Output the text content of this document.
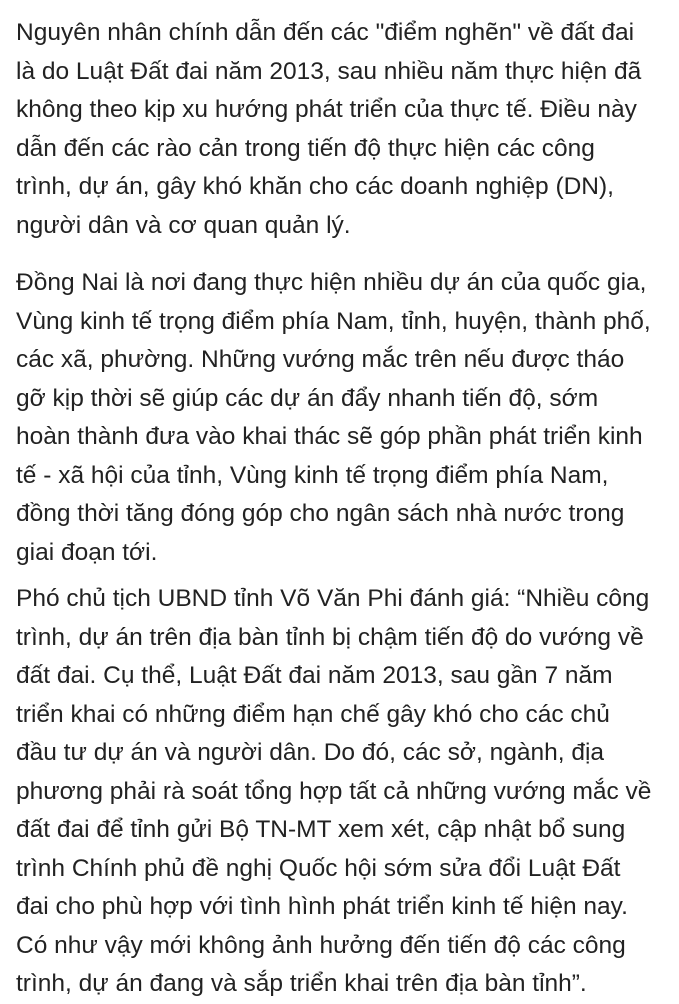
Nguyên nhân chính dẫn đến các "điểm nghẽn" về đất đai
là do Luật Đất đai năm 2013, sau nhiều năm thực hiện đã
không theo kịp xu hướng phát triển của thực tế. Điều này
dẫn đến các rào cản trong tiến độ thực hiện các công
trình, dự án, gây khó khăn cho các doanh nghiệp (DN),
người dân và cơ quan quản lý.

Đồng Nai là nơi đang thực hiện nhiều dự án của quốc gia,
Vùng kinh tế trọng điểm phía Nam, tỉnh, huyện, thành phố,
các xã, phường. Những vướng mắc trên nếu được tháo
gỡ kịp thời sẽ giúp các dự án đẩy nhanh tiến độ, sớm
hoàn thành đưa vào khai thác sẽ góp phần phát triển kinh
tế - xã hội của tỉnh, Vùng kinh tế trọng điểm phía Nam,
đồng thời tăng đóng góp cho ngân sách nhà nước trong
giai đoạn tới.

Phó chủ tịch UBND tỉnh Võ Văn Phi đánh giá: “Nhiều công
trình, dự án trên địa bàn tỉnh bị chậm tiến độ do vướng về
đất đai. Cụ thể, Luật Đất đai năm 2013, sau gần 7 năm
triển khai có những điểm hạn chế gây khó cho các chủ
đầu tư dự án và người dân. Do đó, các sở, ngành, địa
phương phải rà soát tổng hợp tất cả những vướng mắc về
đất đai để tỉnh gửi Bộ TN-MT xem xét, cập nhật bổ sung
trình Chính phủ đề nghị Quốc hội sớm sửa đổi Luật Đất
đai cho phù hợp với tình hình phát triển kinh tế hiện nay.
Có như vậy mới không ảnh hưởng đến tiến độ các công
trình, dự án đang và sắp triển khai trên địa bàn tỉnh”.
